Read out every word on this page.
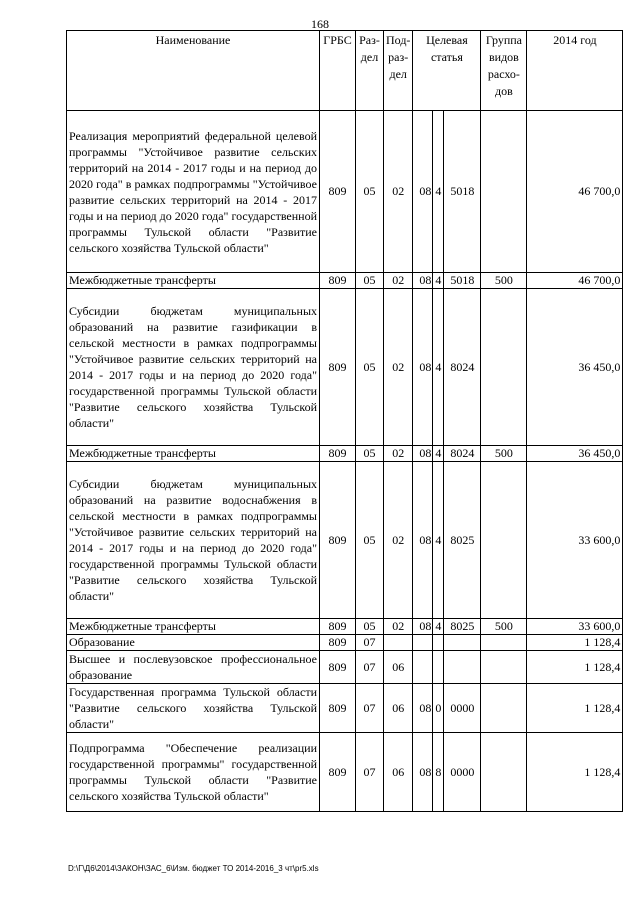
168
Наименование	ГРБС	Раз-дел	Под-раз-дел	Целевая статья			Группа видов расхо-дов	2014 год
Реализация мероприятий федеральной целевой программы "Устойчивое развитие сельских территорий на 2014 - 2017 годы и на период до 2020 года" в рамках подпрограммы "Устойчивое развитие сельских территорий на 2014 - 2017 годы и на период до 2020 года" государственной программы Тульской области "Развитие сельского хозяйства Тульской области"	809	05	02	08	4	5018		46 700,0
Межбюджетные трансферты	809	05	02	08	4	5018	500	46 700,0
Субсидии бюджетам муниципальных образований на развитие газификации в сельской местности в рамках подпрограммы "Устойчивое развитие сельских территорий на 2014 - 2017 годы и на период до 2020 года" государственной программы Тульской области "Развитие сельского хозяйства Тульской области"	809	05	02	08	4	8024		36 450,0
Межбюджетные трансферты	809	05	02	08	4	8024	500	36 450,0
Субсидии бюджетам муниципальных образований на развитие водоснабжения в сельской местности в рамках подпрограммы "Устойчивое развитие сельских территорий на 2014 - 2017 годы и на период до 2020 года" государственной программы Тульской области "Развитие сельского хозяйства Тульской области"	809	05	02	08	4	8025		33 600,0
Межбюджетные трансферты	809	05	02	08	4	8025	500	33 600,0
Образование	809	07						1 128,4
Высшее и послевузовское профессиональное образование	809	07	06					1 128,4
Государственная программа Тульской области "Развитие сельского хозяйства Тульской области"	809	07	06	08	0	0000		1 128,4
Подпрограмма "Обеспечение реализации государственной программы" государственной программы Тульской области "Развитие сельского хозяйства Тульской области"	809	07	06	08	8	0000		1 128,4
D:\Г\Д6\2014\ЗАКОН\ЗАС_6\Изм. бюджет ТО 2014-2016_3 чт\pr5.xls
